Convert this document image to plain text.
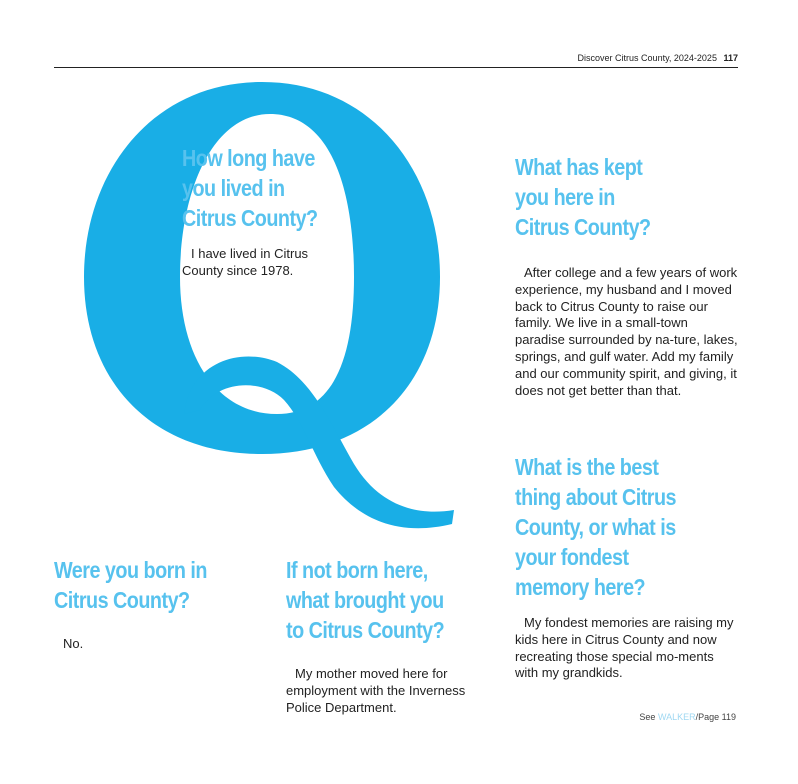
Discover Citrus County, 2024-2025 117
How long have
you lived in
Citrus County?

I have lived in Citrus County since 1978.

What has kept
you here in
Citrus County?

After college and a few years of work experience, my husband and I moved back to Citrus County to raise our family. We live in a small-town paradise surrounded by na-ture, lakes, springs, and gulf water. Add my family and our community spirit, and giving, it does not get better than that.

What is the best
thing about Citrus
County, or what is
your fondest
memory here?

My fondest memories are raising my kids here in Citrus County and now recreating those special mo-ments with my grandkids.

Were you born in
Citrus County?

No.

If not born here,
what brought you
to Citrus County?

My mother moved here for employment with the Inverness Police Department.

See WALKER/Page 119
